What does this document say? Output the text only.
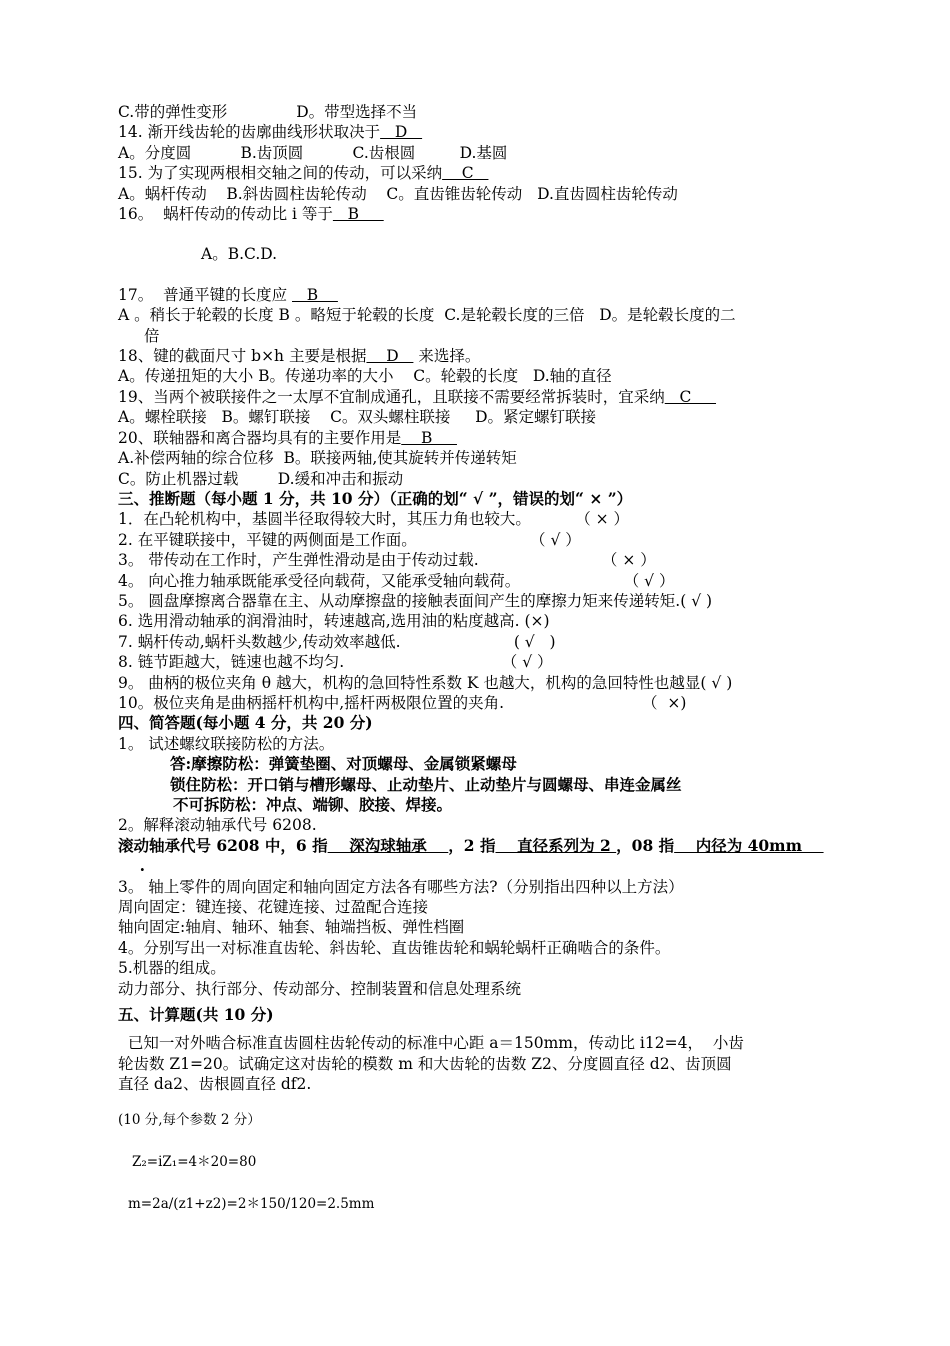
C.带的弹性变形              D。带型选择不当

14. 渐开线齿轮的齿廓曲线形状取决于   D

A。分度圆          B.齿顶圆          C.齿根圆         D.基圆

15. 为了实现两根相交轴之间的传动，可以采纳    C

A。蜗杆传动    B.斜齿圆柱齿轮传动    C。直齿锥齿轮传动   D.直齿圆柱齿轮传动

16。  蜗杆传动的传动比 i 等于   B

A。B.C.D.

17。  普通平键的长度应    B

A 。稍长于轮毂的长度 B 。略短于轮毂的长度  C.是轮毂长度的三倍   D。是轮毂长度的二

倍

18、键的截面尺寸 b×h 主要是根据    D    来选择。

A。传递扭矩的大小 B。传递功率的大小    C。轮毂的长度   D.轴的直径

19、当两个被联接件之一太厚不宜制成通孔，且联接不需要经常拆装时，宜采纳   C

A。螺栓联接   B。螺钉联接    C。双头螺柱联接     D。紧定螺钉联接

20、联轴器和离合器均具有的主要作用是    B

A.补偿两轴的综合位移  B。联接两轴,使其旋转并传递转矩

C。防止机器过载        D.缓和冲击和振动

三、推断题（每小题 1 分，共 10 分）（正确的划“ √ ”，错误的划“ × ”）

1．在凸轮机构中，基圆半径取得较大时，其压力角也较大。         （ × ）

2. 在平键联接中，平键的两侧面是工作面。                       （ √ ）

3。 带传动在工作时，产生弹性滑动是由于传动过载.                         （ × ）

4。 向心推力轴承既能承受径向载荷，又能承受轴向载荷。                     （ √ ）

5。 圆盘摩擦离合器靠在主、从动摩擦盘的接触表面间产生的摩擦力矩来传递转矩.( √ )

6. 选用滑动轴承的润滑油时，转速越高,选用油的粘度越高. (×)

7. 蜗杆传动,蜗杆头数越少,传动效率越低.                       ( √   )

8. 链节距越大，链速也越不均匀.                                （ √ ）

9。 曲柄的极位夹角 θ 越大，机构的急回特性系数 K 也越大，机构的急回特性也越显( √ )

10。极位夹角是曲柄摇杆机构中,摇杆两极限位置的夹角.                            （  ×)

四、简答题(每小题 4 分，共 20 分)

1。 试述螺纹联接防松的方法。

答:摩擦防松：弹簧垫圈、对顶螺母、金属锁紧螺母

锁住防松：开口销与槽形螺母、止动垫片、止动垫片与圆螺母、串连金属丝

不可拆防松：冲点、端铆、胶接、焊接。

2。解释滚动轴承代号 6208.

滚动轴承代号 6208 中，6 指    深沟球轴承    ，2 指    直径系列为 2 ，08 指    内径为 40mm

.

3。 轴上零件的周向固定和轴向固定方法各有哪些方法?（分别指出四种以上方法）

周向固定：键连接、花键连接、过盈配合连接

轴向固定:轴肩、轴环、轴套、轴端挡板、弹性档圈

4。分别写出一对标准直齿轮、斜齿轮、直齿锥齿轮和蜗轮蜗杆正确啮合的条件。

5.机器的组成。

动力部分、执行部分、传动部分、控制装置和信息处理系统

五、计算题(共 10 分)

已知一对外啮合标准直齿圆柱齿轮传动的标准中心距 a＝150mm，传动比 i12=4，  小齿

轮齿数 Z1=20。试确定这对齿轮的模数 m 和大齿轮的齿数 Z2、分度圆直径 d2、齿顶圆

直径 da2、齿根圆直径 df2.

(10 分,每个参数 2 分）

Z₂=iZ₁=4＊20=80

m=2a/(z1+z2)=2＊150/120=2.5mm
